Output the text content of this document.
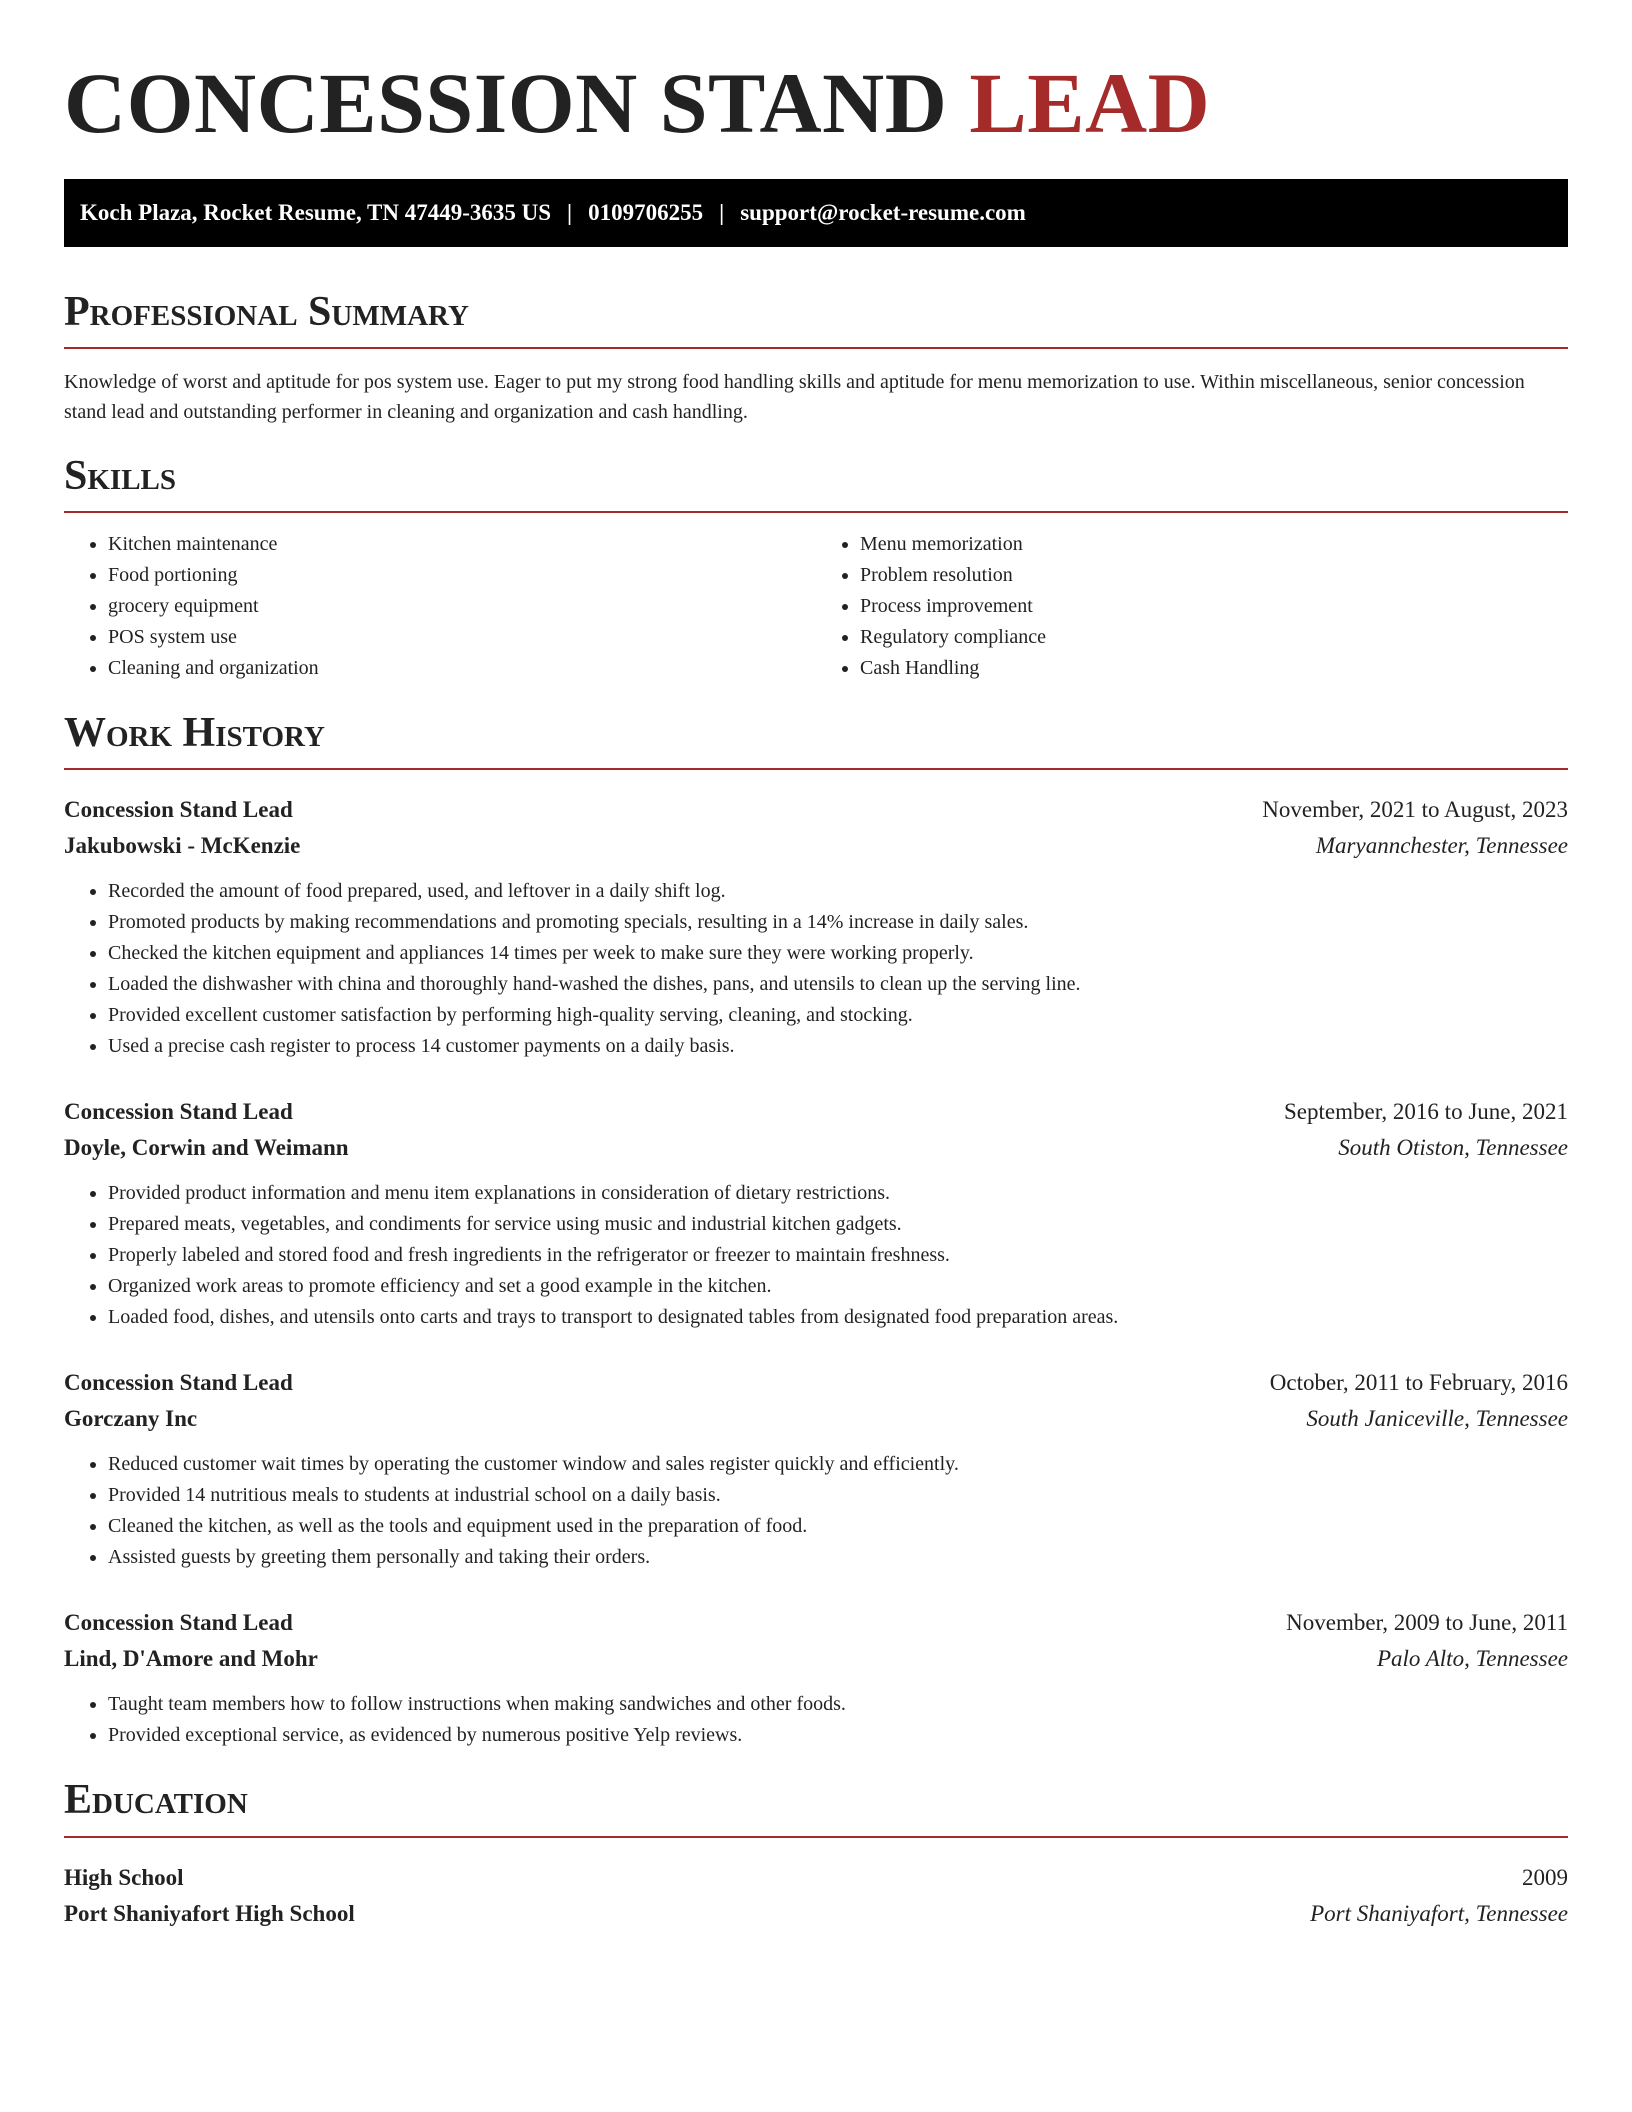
CONCESSION STAND LEAD
Koch Plaza, Rocket Resume, TN 47449-3635 US | 0109706255 | support@rocket-resume.com
Professional Summary

Knowledge of worst and aptitude for pos system use. Eager to put my strong food handling skills and aptitude for menu memorization to use. Within miscellaneous, senior concession stand lead and outstanding performer in cleaning and organization and cash handling.

Skills
• Kitchen maintenance
• Food portioning
• grocery equipment
• POS system use
• Cleaning and organization
• Menu memorization
• Problem resolution
• Process improvement
• Regulatory compliance
• Cash Handling
Work History
Concession Stand Lead	November, 2021 to August, 2023
Jakubowski - McKenzie	Maryannchester, Tennessee
• Recorded the amount of food prepared, used, and leftover in a daily shift log.
• Promoted products by making recommendations and promoting specials, resulting in a 14% increase in daily sales.
• Checked the kitchen equipment and appliances 14 times per week to make sure they were working properly.
• Loaded the dishwasher with china and thoroughly hand-washed the dishes, pans, and utensils to clean up the serving line.
• Provided excellent customer satisfaction by performing high-quality serving, cleaning, and stocking.
• Used a precise cash register to process 14 customer payments on a daily basis.
Concession Stand Lead	September, 2016 to June, 2021
Doyle, Corwin and Weimann	South Otiston, Tennessee
• Provided product information and menu item explanations in consideration of dietary restrictions.
• Prepared meats, vegetables, and condiments for service using music and industrial kitchen gadgets.
• Properly labeled and stored food and fresh ingredients in the refrigerator or freezer to maintain freshness.
• Organized work areas to promote efficiency and set a good example in the kitchen.
• Loaded food, dishes, and utensils onto carts and trays to transport to designated tables from designated food preparation areas.
Concession Stand Lead	October, 2011 to February, 2016
Gorczany Inc	South Janiceville, Tennessee
• Reduced customer wait times by operating the customer window and sales register quickly and efficiently.
• Provided 14 nutritious meals to students at industrial school on a daily basis.
• Cleaned the kitchen, as well as the tools and equipment used in the preparation of food.
• Assisted guests by greeting them personally and taking their orders.
Concession Stand Lead	November, 2009 to June, 2011
Lind, D'Amore and Mohr	Palo Alto, Tennessee
• Taught team members how to follow instructions when making sandwiches and other foods.
• Provided exceptional service, as evidenced by numerous positive Yelp reviews.
Education
High School	2009
Port Shaniyafort High School	Port Shaniyafort, Tennessee
